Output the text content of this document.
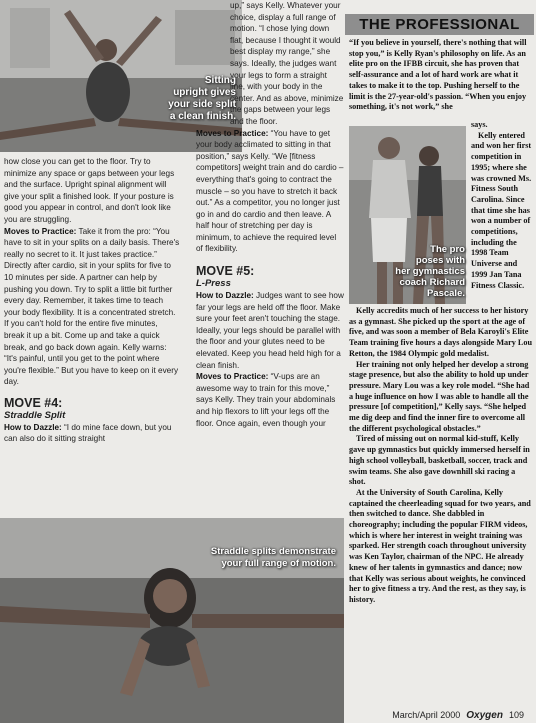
Sitting
upright gives
your side split
a clean finish.

how close you can get to the floor. Try to minimize any space or gaps between your legs and the surface. Upright spinal alignment will give your split a finished look. If your posture is good you appear in control, and don't look like you are struggling.

Moves to Practice: Take it from the pro: “You have to sit in your splits on a daily basis. There's really no secret to it. It just takes practice.” Directly after cardio, sit in your splits for five to 10 minutes per side. A partner can help by pushing you down. Try to split a little bit further every day. Remember, it takes time to teach your body flexibility. It is a concentrated stretch. If you can't hold for the entire five minutes, break it up a bit. Come up and take a quick break, and go back down again. Kelly warns: “It's painful, until you get to the point where you're flexible.” But you have to keep on it every day.

MOVE #4:

Straddle Split

How to Dazzle: “I do mine face down, but you can also do it sitting straight

up,” says Kelly. Whatever your choice, display a full range of motion. “I chose lying down flat, because I thought it would best display my range,” she says. Ideally, the judges want your legs to form a straight line, with your body in the center. And as above, minimize the gaps between your legs and the floor.

Moves to Practice: “You have to get your body acclimated to sitting in that position,” says Kelly. “We [fitness competitors] weight train and do cardio – everything that's going to contract the muscle – so you have to stretch it back out.” As a competitor, you no longer just go in and do cardio and then leave. A half hour of stretching per day is minimum, to achieve the required level of flexibility.

MOVE #5:

L-Press

How to Dazzle: Judges want to see how far your legs are held off the floor. Make sure your feet aren't touching the stage. Ideally, your legs should be parallel with the floor and your glutes need to be elevated. Keep you head held high for a clean finish.

Moves to Practice: “V-ups are an awesome way to train for this move,” says Kelly. They train your abdominals and hip flexors to lift your legs off the floor. Once again, even though your

Straddle splits demonstrate
your full range of motion.
THE PROFESSIONAL

“If you believe in yourself, there's nothing that will stop you,” is Kelly Ryan's philosophy on life. As an elite pro on the IFBB circuit, she has proven that self-assurance and a lot of hard work are what it takes to make it to the top. Pushing herself to the limit is the 27-year-old's passion. “When you enjoy something, it's not work,” she

The pro
poses with
her gymnastics
coach Richard
Pascale.

says.

Kelly entered and won her first competition in 1995; where she was crowned Ms. Fitness South Carolina. Since that time she has won a number of competitions, including the 1998 Team Universe and 1999 Jan Tana Fitness Classic.

Kelly accredits much of her success to her history as a gymnast. She picked up the sport at the age of five, and was soon a member of Bela Karoyli's Elite Team training five hours a days alongside Mary Lou Retton, the 1984 Olympic gold medalist.

Her training not only helped her develop a strong stage presence, but also the ability to hold up under pressure. Mary Lou was a key role model. “She had a huge influence on how I was able to handle all the pressure [of competition],” Kelly says. “She helped me dig deep and find the inner fire to overcome all the different psychological obstacles.”

Tired of missing out on normal kid-stuff, Kelly gave up gymnastics but quickly immersed herself in high school volleyball, basketball, soccer, track and swim teams. She also gave downhill ski racing a shot.

At the University of South Carolina, Kelly captained the cheerleading squad for two years, and then switched to dance. She dabbled in choreography; including the popular FIRM videos, which is where her interest in weight training was sparked. Her strength coach throughout university was Ken Taylor, chairman of the NPC. He already knew of her talents in gymnastics and dance; now that Kelly was serious about weights, he convinced her to give fitness a try. And the rest, as they say, is history.

March/April 2000 Oxygen 109
